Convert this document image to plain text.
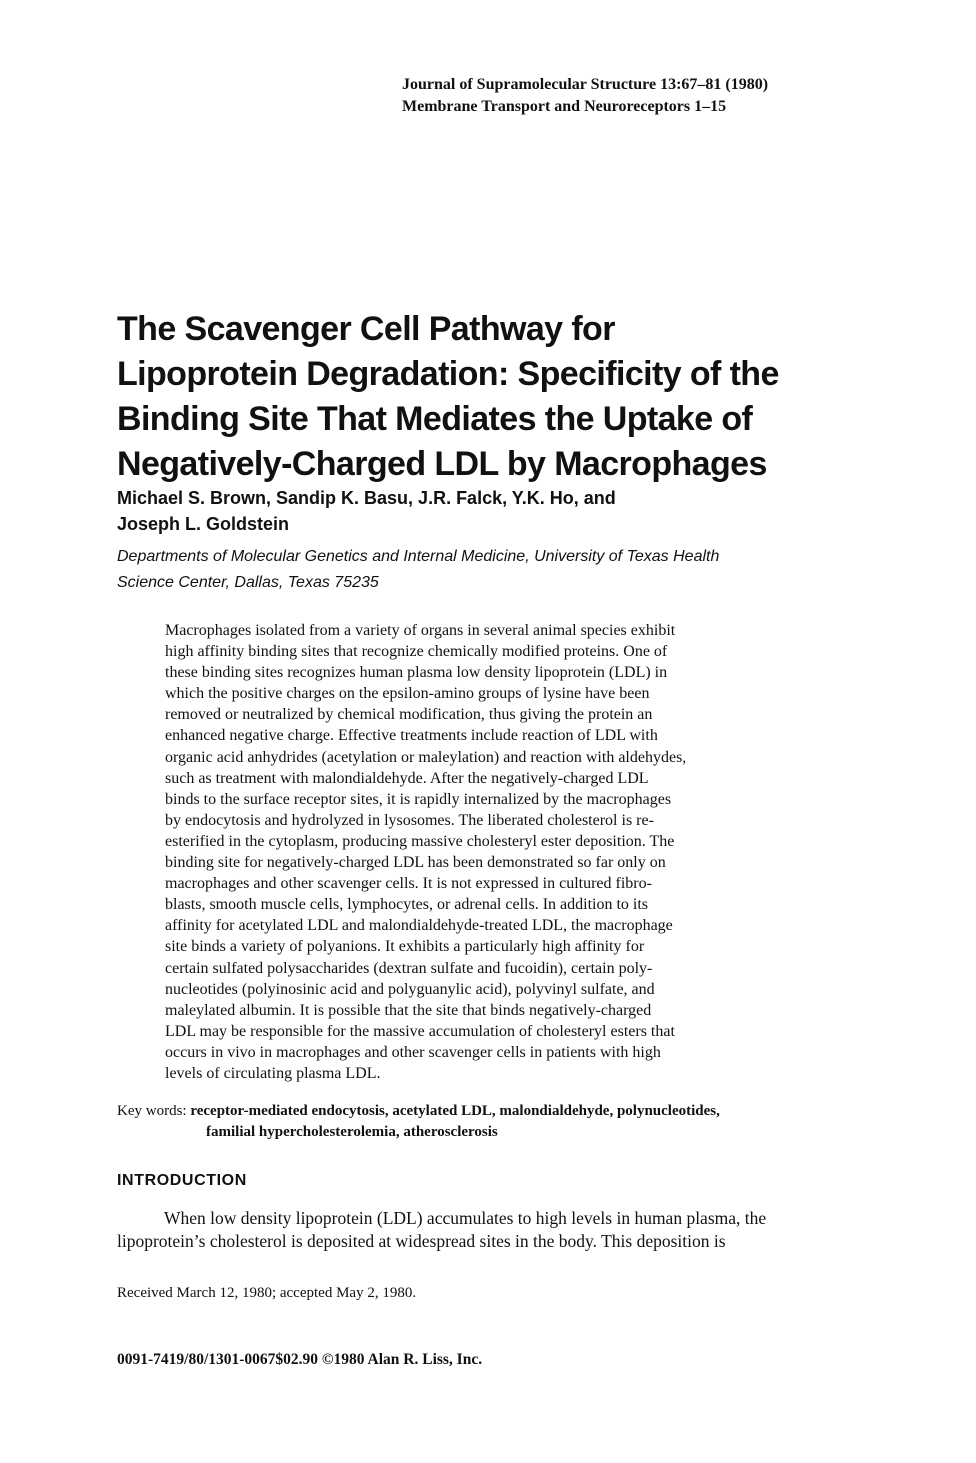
Journal of Supramolecular Structure 13:67–81 (1980)
Membrane Transport and Neuroreceptors 1–15
The Scavenger Cell Pathway for
Lipoprotein Degradation: Specificity of the
Binding Site That Mediates the Uptake of
Negatively-Charged LDL by Macrophages
Michael S. Brown, Sandip K. Basu, J.R. Falck, Y.K. Ho, and
Joseph L. Goldstein
Departments of Molecular Genetics and Internal Medicine, University of Texas Health
Science Center, Dallas, Texas 75235
Macrophages isolated from a variety of organs in several animal species exhibit
high affinity binding sites that recognize chemically modified proteins. One of
these binding sites recognizes human plasma low density lipoprotein (LDL) in
which the positive charges on the epsilon-amino groups of lysine have been
removed or neutralized by chemical modification, thus giving the protein an
enhanced negative charge. Effective treatments include reaction of LDL with
organic acid anhydrides (acetylation or maleylation) and reaction with aldehydes,
such as treatment with malondialdehyde. After the negatively-charged LDL
binds to the surface receptor sites, it is rapidly internalized by the macrophages
by endocytosis and hydrolyzed in lysosomes. The liberated cholesterol is re-
esterified in the cytoplasm, producing massive cholesteryl ester deposition. The
binding site for negatively-charged LDL has been demonstrated so far only on
macrophages and other scavenger cells. It is not expressed in cultured fibro-
blasts, smooth muscle cells, lymphocytes, or adrenal cells. In addition to its
affinity for acetylated LDL and malondialdehyde-treated LDL, the macrophage
site binds a variety of polyanions. It exhibits a particularly high affinity for
certain sulfated polysaccharides (dextran sulfate and fucoidin), certain poly-
nucleotides (polyinosinic acid and polyguanylic acid), polyvinyl sulfate, and
maleylated albumin. It is possible that the site that binds negatively-charged
LDL may be responsible for the massive accumulation of cholesteryl esters that
occurs in vivo in macrophages and other scavenger cells in patients with high
levels of circulating plasma LDL.
Key words: receptor-mediated endocytosis, acetylated LDL, malondialdehyde, polynucleotides,
familial hypercholesterolemia, atherosclerosis
INTRODUCTION
When low density lipoprotein (LDL) accumulates to high levels in human plasma, the
lipoprotein’s cholesterol is deposited at widespread sites in the body. This deposition is
Received March 12, 1980; accepted May 2, 1980.
0091-7419/80/1301-0067$02.90 ©1980 Alan R. Liss, Inc.
